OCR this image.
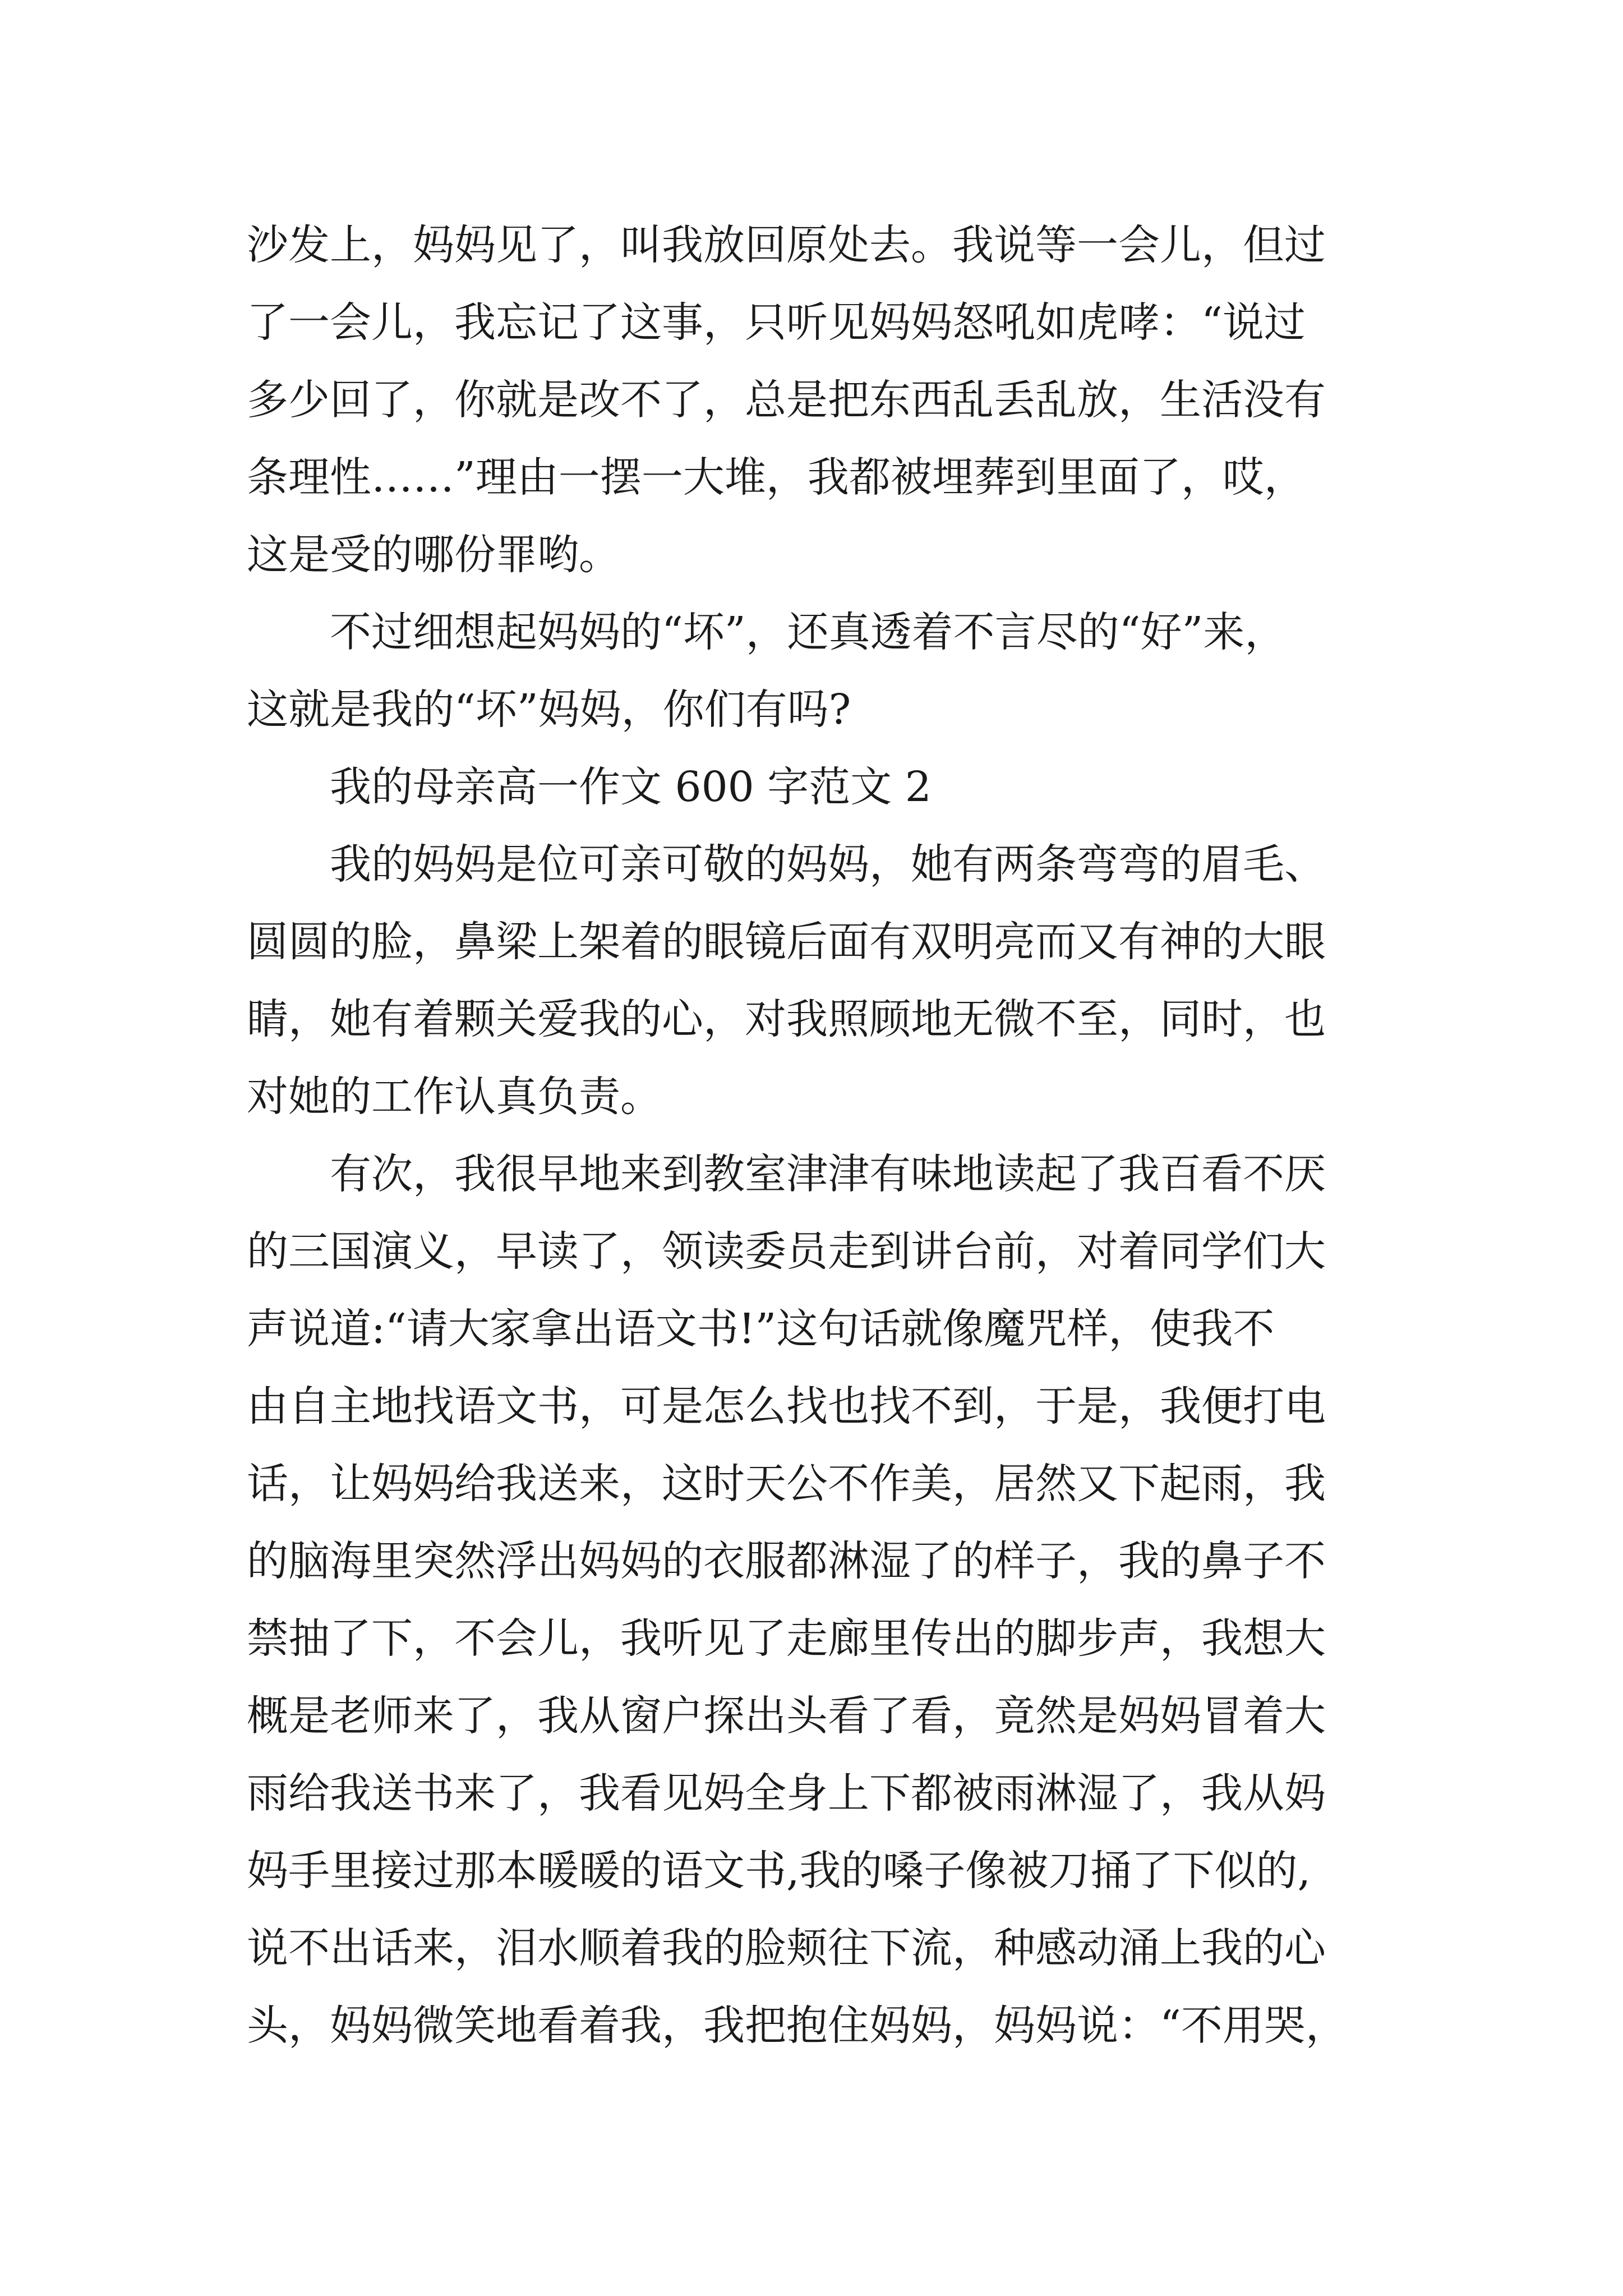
沙发上，妈妈见了，叫我放回原处去。我说等一会儿，但过
了一会儿，我忘记了这事，只听见妈妈怒吼如虎哮：“说过
多少回了，你就是改不了，总是把东西乱丢乱放，生活没有
条理性……”理由一摆一大堆，我都被埋葬到里面了，哎，
这是受的哪份罪哟。
　　不过细想起妈妈的“坏”，还真透着不言尽的“好”来，
这就是我的“坏”妈妈，你们有吗?
　　我的母亲高一作文 600 字范文 2
　　我的妈妈是位可亲可敬的妈妈，她有两条弯弯的眉毛、
圆圆的脸，鼻梁上架着的眼镜后面有双明亮而又有神的大眼
睛，她有着颗关爱我的心，对我照顾地无微不至，同时，也
对她的工作认真负责。
　　有次，我很早地来到教室津津有味地读起了我百看不厌
的三国演义，早读了，领读委员走到讲台前，对着同学们大
声说道:“请大家拿出语文书!”这句话就像魔咒样，使我不
由自主地找语文书，可是怎么找也找不到，于是，我便打电
话，让妈妈给我送来，这时天公不作美，居然又下起雨，我
的脑海里突然浮出妈妈的衣服都淋湿了的样子，我的鼻子不
禁抽了下，不会儿，我听见了走廊里传出的脚步声，我想大
概是老师来了，我从窗户探出头看了看，竟然是妈妈冒着大
雨给我送书来了，我看见妈全身上下都被雨淋湿了，我从妈
妈手里接过那本暖暖的语文书,我的嗓子像被刀捅了下似的,
说不出话来，泪水顺着我的脸颊往下流，种感动涌上我的心
头，妈妈微笑地看着我，我把抱住妈妈，妈妈说：“不用哭，
